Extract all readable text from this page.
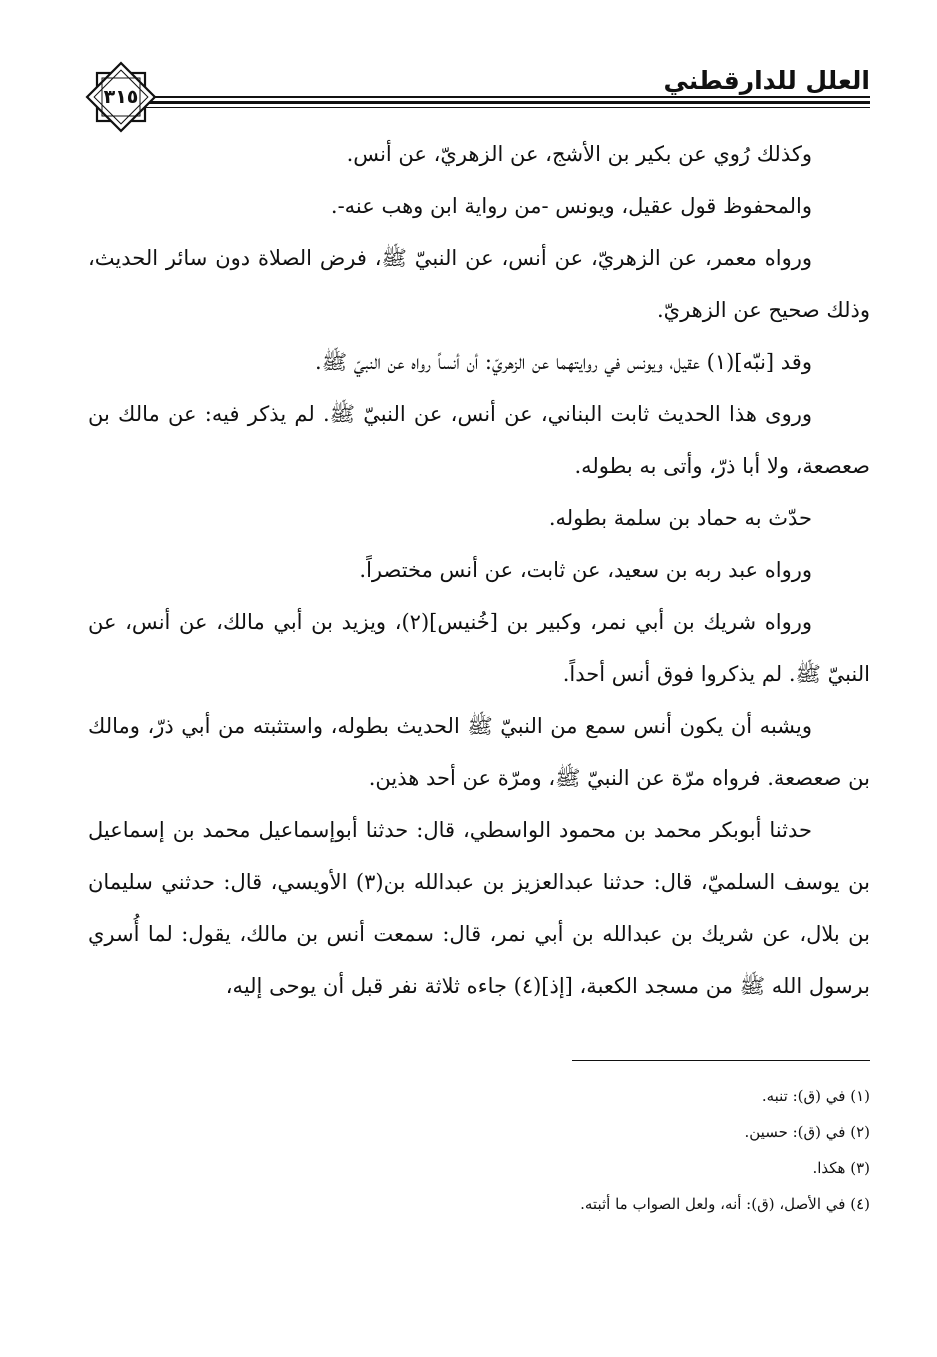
العلل للدارقطني
٣١٥

وكذلك رُوي عن بكير بن الأشج، عن الزهريّ، عن أنس.

والمحفوظ قول عقيل، ويونس -من رواية ابن وهب عنه-.

ورواه معمر، عن الزهريّ، عن أنس، عن النبيّ ﷺ، فرض الصلاة دون سائر الحديث، وذلك صحيح عن الزهريّ.

وقد [نبّه](١) عقيل، ويونس في روايتهما عن الزهريّ: أن أنساً رواه عن النبيّ ﷺ.

وروى هذا الحديث ثابت البناني، عن أنس، عن النبيّ ﷺ. لم يذكر فيه: عن مالك بن صعصعة، ولا أبا ذرّ، وأتى به بطوله.

حدّث به حماد بن سلمة بطوله.

ورواه عبد ربه بن سعيد، عن ثابت، عن أنس مختصراً.

ورواه شريك بن أبي نمر، وكبير بن [خُنيس](٢)، ويزيد بن أبي مالك، عن أنس، عن النبيّ ﷺ. لم يذكروا فوق أنس أحداً.

ويشبه أن يكون أنس سمع من النبيّ ﷺ الحديث بطوله، واستثبته من أبي ذرّ، ومالك بن صعصعة. فرواه مرّة عن النبيّ ﷺ، ومرّة عن أحد هذين.

حدثنا أبوبكر محمد بن محمود الواسطي، قال: حدثنا أبوإسماعيل محمد بن إسماعيل بن يوسف السلميّ، قال: حدثنا عبدالعزيز بن عبدالله بن(٣) الأويسي، قال: حدثني سليمان بن بلال، عن شريك بن عبدالله بن أبي نمر، قال: سمعت أنس بن مالك، يقول: لما أُسري برسول الله ﷺ من مسجد الكعبة، [إذ](٤) جاءه ثلاثة نفر قبل أن يوحى إليه،

(١) في (ق): تنبه.

(٢) في (ق): حسين.

(٣) هكذا.

(٤) في الأصل، (ق): أنه، ولعل الصواب ما أثبته.
